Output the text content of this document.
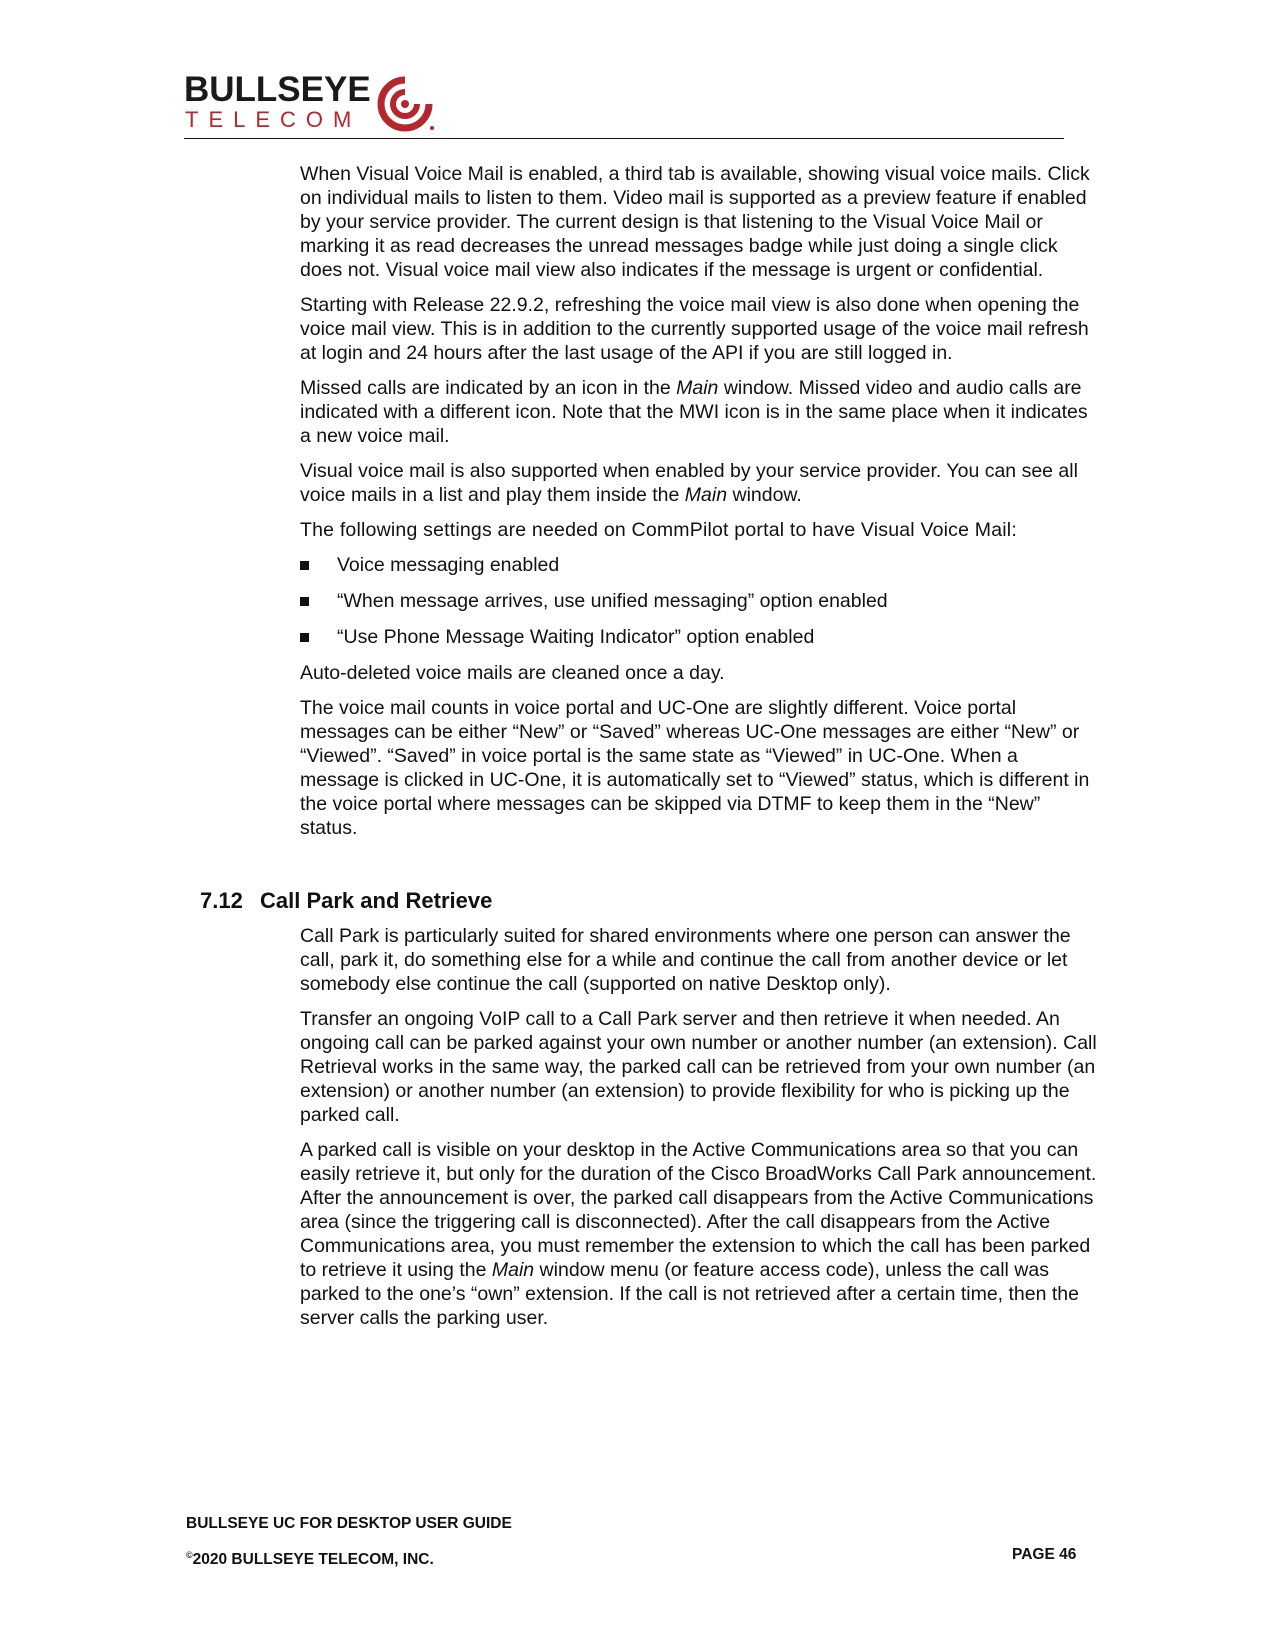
BULLSEYE
TELECOM

When Visual Voice Mail is enabled, a third tab is available, showing visual voice mails. Click on individual mails to listen to them. Video mail is supported as a preview feature if enabled by your service provider. The current design is that listening to the Visual Voice Mail or marking it as read decreases the unread messages badge while just doing a single click does not. Visual voice mail view also indicates if the message is urgent or confidential.

Starting with Release 22.9.2, refreshing the voice mail view is also done when opening the voice mail view. This is in addition to the currently supported usage of the voice mail refresh at login and 24 hours after the last usage of the API if you are still logged in.

Missed calls are indicated by an icon in the Main window. Missed video and audio calls are indicated with a different icon. Note that the MWI icon is in the same place when it indicates a new voice mail.

Visual voice mail is also supported when enabled by your service provider. You can see all voice mails in a list and play them inside the Main window.

The following settings are needed on CommPilot portal to have Visual Voice Mail:

Voice messaging enabled
“When message arrives, use unified messaging” option enabled
“Use Phone Message Waiting Indicator” option enabled

Auto-deleted voice mails are cleaned once a day.

The voice mail counts in voice portal and UC-One are slightly different. Voice portal messages can be either “New” or “Saved” whereas UC-One messages are either “New” or “Viewed”. “Saved” in voice portal is the same state as “Viewed” in UC-One. When a message is clicked in UC-One, it is automatically set to “Viewed” status, which is different in the voice portal where messages can be skipped via DTMF to keep them in the “New” status.

7.12 Call Park and Retrieve

Call Park is particularly suited for shared environments where one person can answer the call, park it, do something else for a while and continue the call from another device or let somebody else continue the call (supported on native Desktop only).

Transfer an ongoing VoIP call to a Call Park server and then retrieve it when needed. An ongoing call can be parked against your own number or another number (an extension). Call Retrieval works in the same way, the parked call can be retrieved from your own number (an extension) or another number (an extension) to provide flexibility for who is picking up the parked call.

A parked call is visible on your desktop in the Active Communications area so that you can easily retrieve it, but only for the duration of the Cisco BroadWorks Call Park announcement. After the announcement is over, the parked call disappears from the Active Communications area (since the triggering call is disconnected). After the call disappears from the Active Communications area, you must remember the extension to which the call has been parked to retrieve it using the Main window menu (or feature access code), unless the call was parked to the one’s “own” extension. If the call is not retrieved after a certain time, then the server calls the parking user.

BULLSEYE UC FOR DESKTOP USER GUIDE
©2020 BULLSEYE TELECOM, INC.	PAGE 46
